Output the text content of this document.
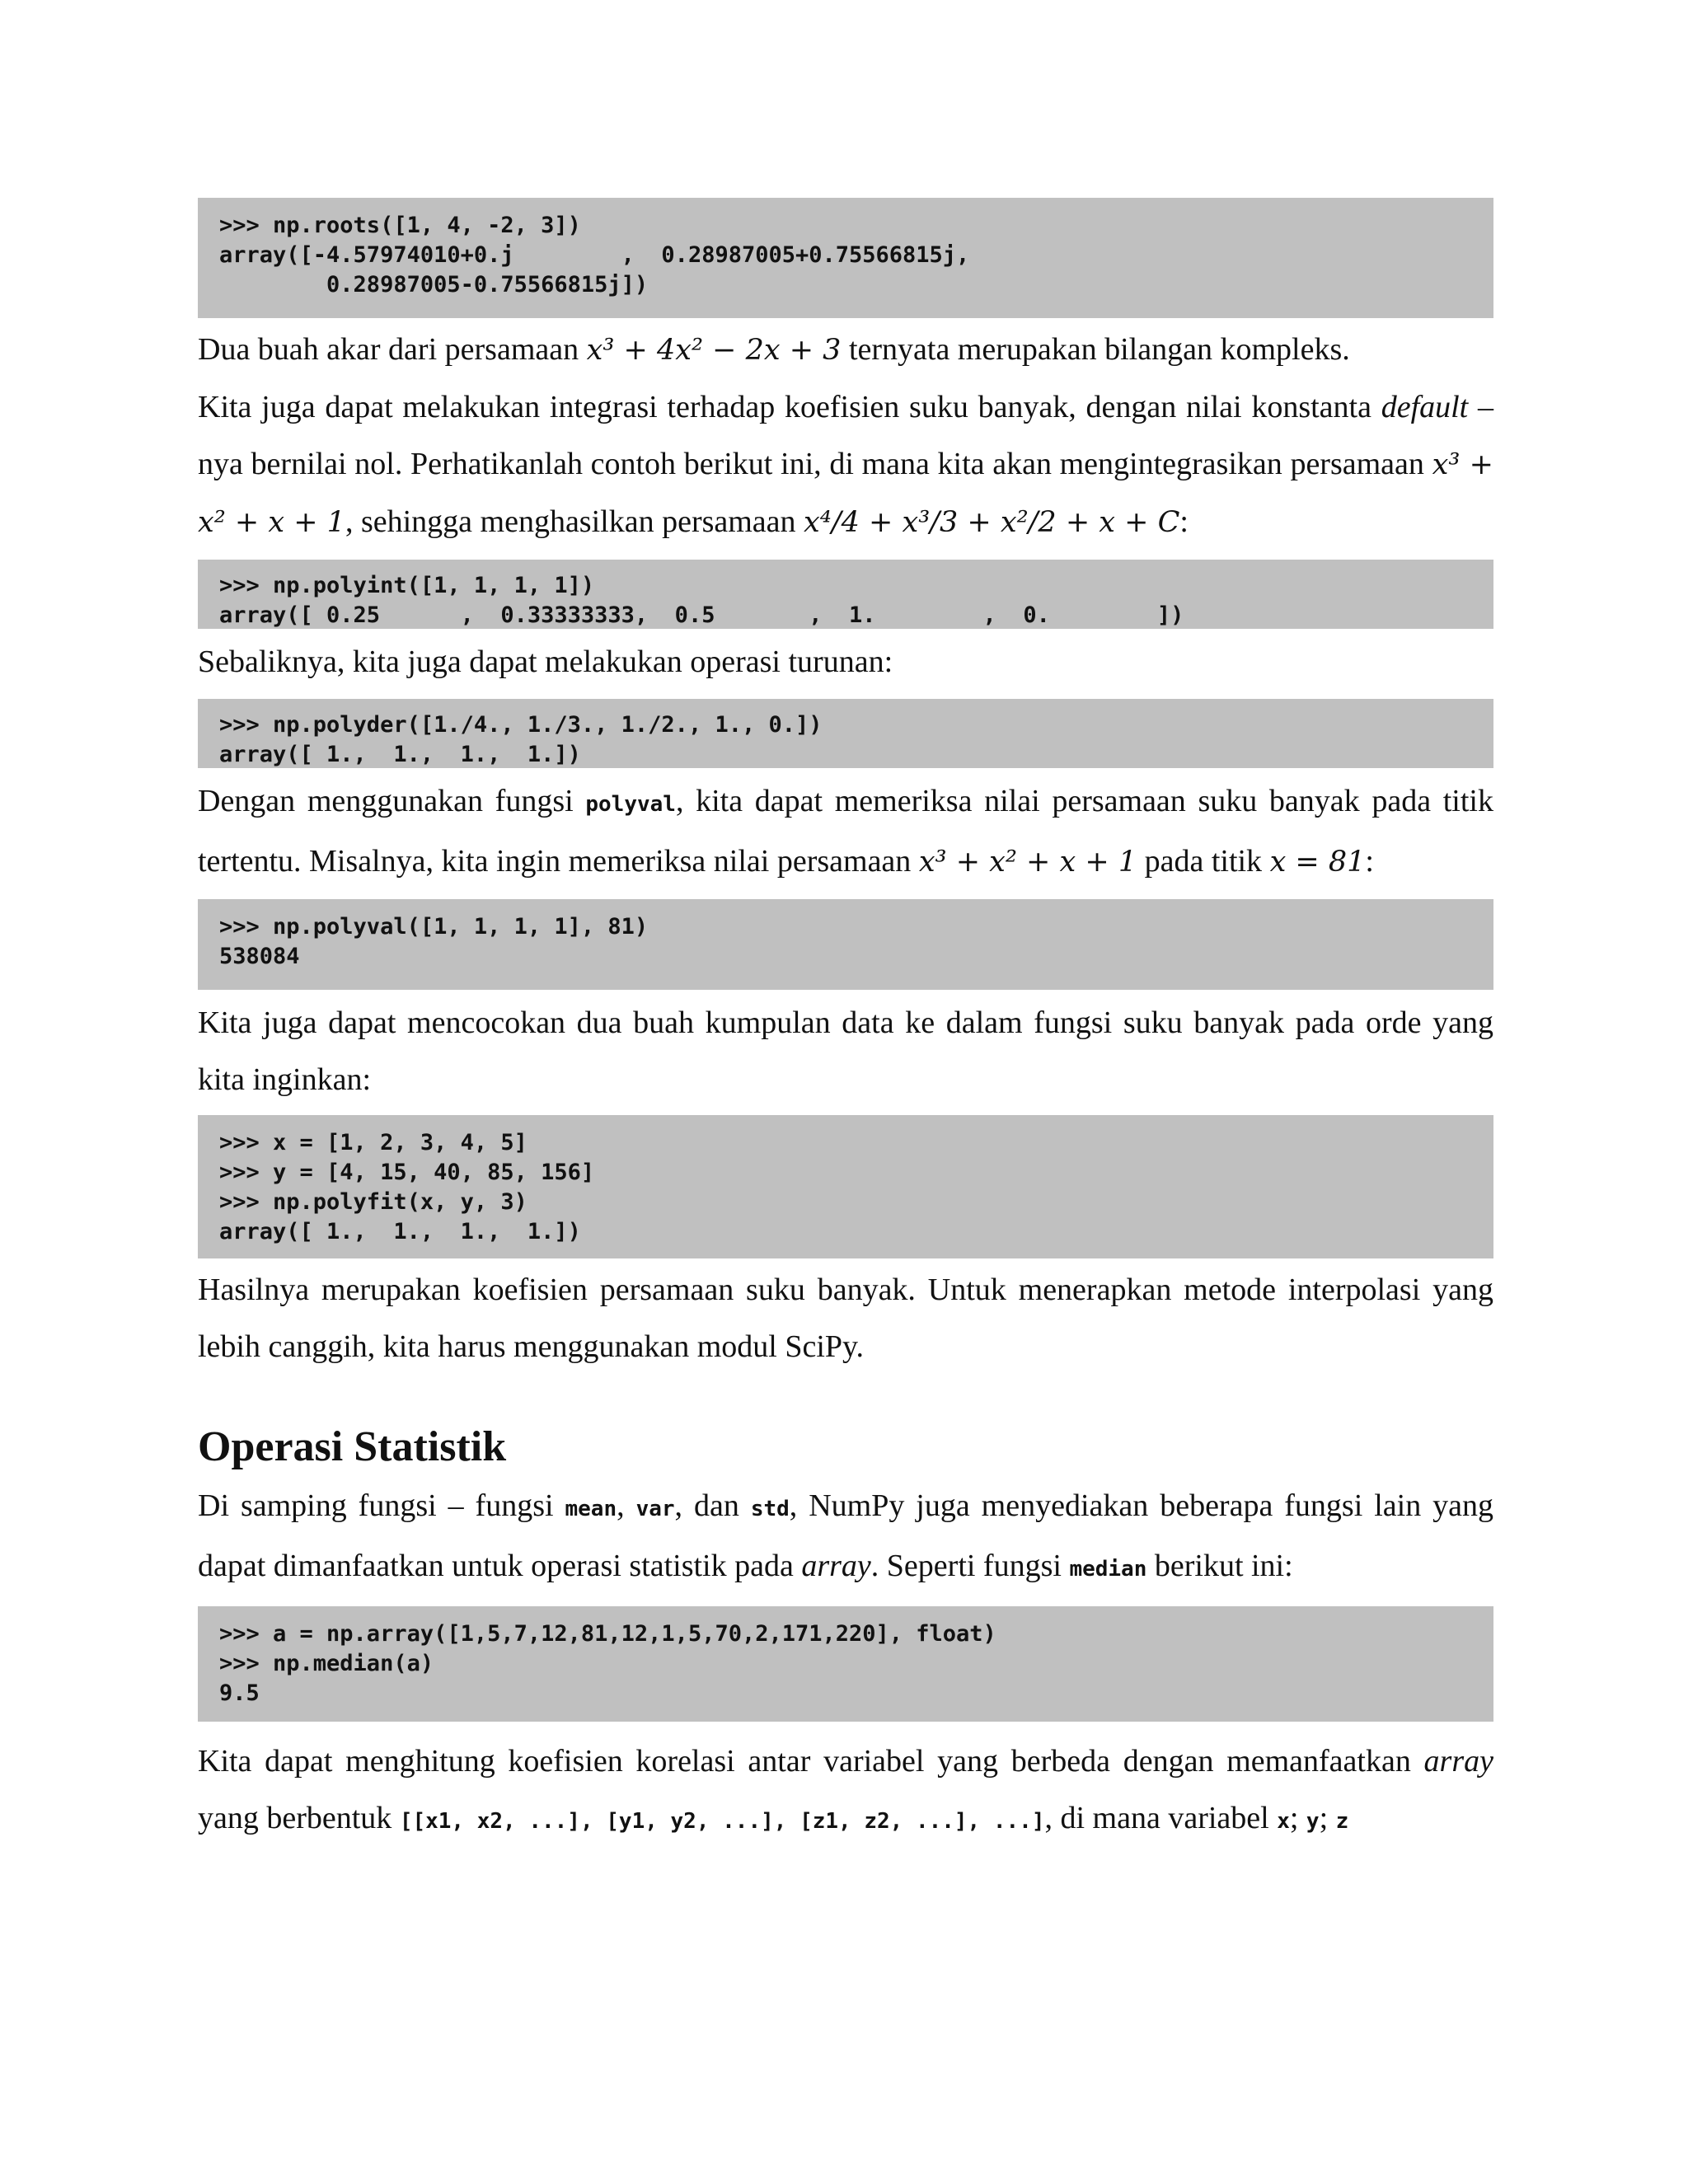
>>> np.roots([1, 4, -2, 3])
array([-4.57974010+0.j        ,  0.28987005+0.75566815j,
0.28987005-0.75566815j])

Dua buah akar dari persamaan x³ + 4x² − 2x + 3 ternyata merupakan bilangan kompleks.

Kita juga dapat melakukan integrasi terhadap koefisien suku banyak, dengan nilai konstanta default –nya bernilai nol. Perhatikanlah contoh berikut ini, di mana kita akan mengintegrasikan persamaan x³ + x² + x + 1, sehingga menghasilkan persamaan x⁴/4 + x³/3 + x²/2 + x + C:

>>> np.polyint([1, 1, 1, 1])
array([ 0.25      ,  0.33333333,  0.5       ,  1.        ,  0.        ])

Sebaliknya, kita juga dapat melakukan operasi turunan:

>>> np.polyder([1./4., 1./3., 1./2., 1., 0.])
array([ 1.,  1.,  1.,  1.])

Dengan menggunakan fungsi polyval, kita dapat memeriksa nilai persamaan suku banyak pada titik tertentu. Misalnya, kita ingin memeriksa nilai persamaan x³ + x² + x + 1 pada titik x = 81:

>>> np.polyval([1, 1, 1, 1], 81)
538084

Kita juga dapat mencocokan dua buah kumpulan data ke dalam fungsi suku banyak pada orde yang kita inginkan:

>>> x = [1, 2, 3, 4, 5]
>>> y = [4, 15, 40, 85, 156]
>>> np.polyfit(x, y, 3)
array([ 1.,  1.,  1.,  1.])

Hasilnya merupakan koefisien persamaan suku banyak. Untuk menerapkan metode interpolasi yang lebih canggih, kita harus menggunakan modul SciPy.

Operasi Statistik

Di samping fungsi – fungsi mean, var, dan std, NumPy juga menyediakan beberapa fungsi lain yang dapat dimanfaatkan untuk operasi statistik pada array. Seperti fungsi median berikut ini:

>>> a = np.array([1,5,7,12,81,12,1,5,70,2,171,220], float)
>>> np.median(a)
9.5

Kita dapat menghitung koefisien korelasi antar variabel yang berbeda dengan memanfaatkan array yang berbentuk [[x1, x2, ...], [y1, y2, ...], [z1, z2, ...], ...], di mana variabel x; y; z
